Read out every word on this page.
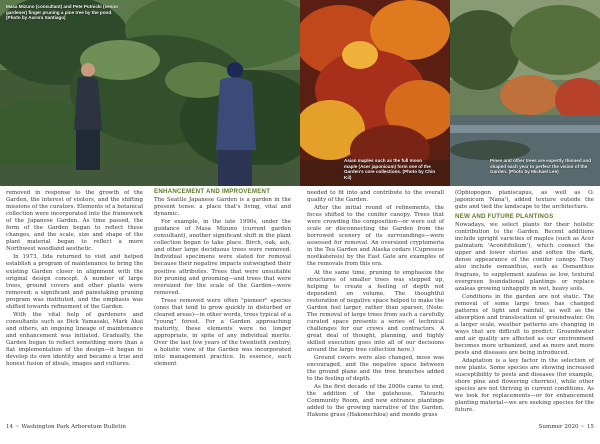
Masa Mizuno (consultant) and Pete Putnicki (senior gardener) finger pruning a pine tree by the pond. (Photo by Aurora Santiago)
Asian maples such as the full moon maple (Acer japonicum) form one of the Garden's core collections. (Photo by Chin Kil)
Pines and other trees are expertly thinned and shaped each year to perfect the vision of the Garden. (Photo by Michael Lee)

removed in response to the growth of the Garden, the interest of visitors, and the shifting missions of the curators. Elements of a botanical collection were incorporated into the framework of the Japanese Garden. As time passed, the form of the Garden began to reflect these changes, and the scale, size and shape of the plant material began to reflect a more Northwest woodland aesthetic.

In 1973, Iida returned to visit and helped establish a program of maintenance to bring the existing Garden closer in alignment with the original design concept. A number of large trees, ground covers and other plants were removed; a significant and painstaking pruning program was instituted, and the emphasis was shifted towards refinement of the Garden.

With the vital help of gardeners and consultants such as Dick Yamasaki, Mark Akai and others, an ongoing lineage of maintenance and enhancement was initiated. Gradually, the Garden began to reflect something more than a flat implementation of the design—it began to develop its own identity and became a true and honest fusion of ideals, images and cultures.

ENHANCEMENT AND IMPROVEMENT

The Seattle Japanese Garden is a garden in the present tense: a place that's living, vital and dynamic.

For example, in the late 1990s, under the guidance of Masa Mizuno (current garden consultant), another significant shift in the plant collection began to take place. Birch, oak, ash, and other large deciduous trees were removed. Individual specimens were slated for removal because their negative impacts outweighed their positive attributes. Trees that were unsuitable for pruning and grooming—and trees that were oversized for the scale of the Garden—were removed.

Trees removed were often "pioneer" species (ones that tend to grow quickly in disturbed or cleared areas)—in other words, trees typical of a "young" forest. For a Garden approaching maturity, these elements were no longer appropriate, in spite of any individual merits. Over the last few years of the twentieth century, a holistic view of the Garden was incorporated into management practice. In essence, each element

needed to fit into and contribute to the overall quality of the Garden.

After the initial round of refinements, the focus shifted to the conifer canopy. Trees that were crowding the composition—or were out of scale or disconnecting the Garden from the borrowed scenery of its surroundings—were assessed for removal. An oversized cryptomeria in the Tea Garden and Alaska cedars (Cupressus nootkatensis) by the East Gate are examples of the removals from this era.

At the same time, pruning to emphasize the structures of smaller trees was stepped up, helping to create a feeling of depth not dependent on volume. The thoughtful restoration of negative space helped to make the Garden feel larger, rather than sparser. (Note: The removal of large trees from such a carefully curated space presents a series of technical challenges for our crews and contractors. A great deal of thought, planning, and highly skilled execution goes into all of our decisions around the large tree collection here.)

Ground covers were also changed, moss was encouraged, and the negative space between the ground plane and the tree branches added to the feeling of depth.

As the first decade of the 2000s came to end, the addition of the gatehouse, Tateuchi Community Room, and new entrance plantings added to the growing narrative of the Garden. Hakone grass (Hakonechloa) and mondo grass

(Ophiopogon planiscapus, as well as O. japonicum 'Nana'), added texture outside the gate and tied the landscape to the architecture.

NEW AND FUTURE PLANTINGS

Nowadays, we select plants for their holistic contribution to the Garden. Recent additions include upright varieties of maples (such as Acer palmatum 'Aconitifolium'), which connect the upper and lower stories and soften the dark, dense appearance of the conifer canopy. They also include osmanthus, such as Osmanthus fragrans, to supplement azaleas as low, textural evergreen foundational plantings or replace azaleas growing unhappily in wet, heavy soils.

Conditions in the garden are not static. The removal of some large trees has changed patterns of light and rainfall, as well as the absorption and translocation of groundwater. On a larger scale, weather patterns are changing in ways that are difficult to predict: Groundwater and air quality are affected as our environment becomes more urbanized, and as more and more pests and diseases are being introduced.

Adaptation is a key factor in the selection of new plants. Some species are showing increased susceptibility to pests and diseases (for example, shore pine and flowering cherries), while other species are not thriving in current conditions. As we look for replacements—or for enhancement planting material—we are seeking species for the future.

14 ~ Washington Park Arboretum Bulletin	Summer 2020 ~ 15
